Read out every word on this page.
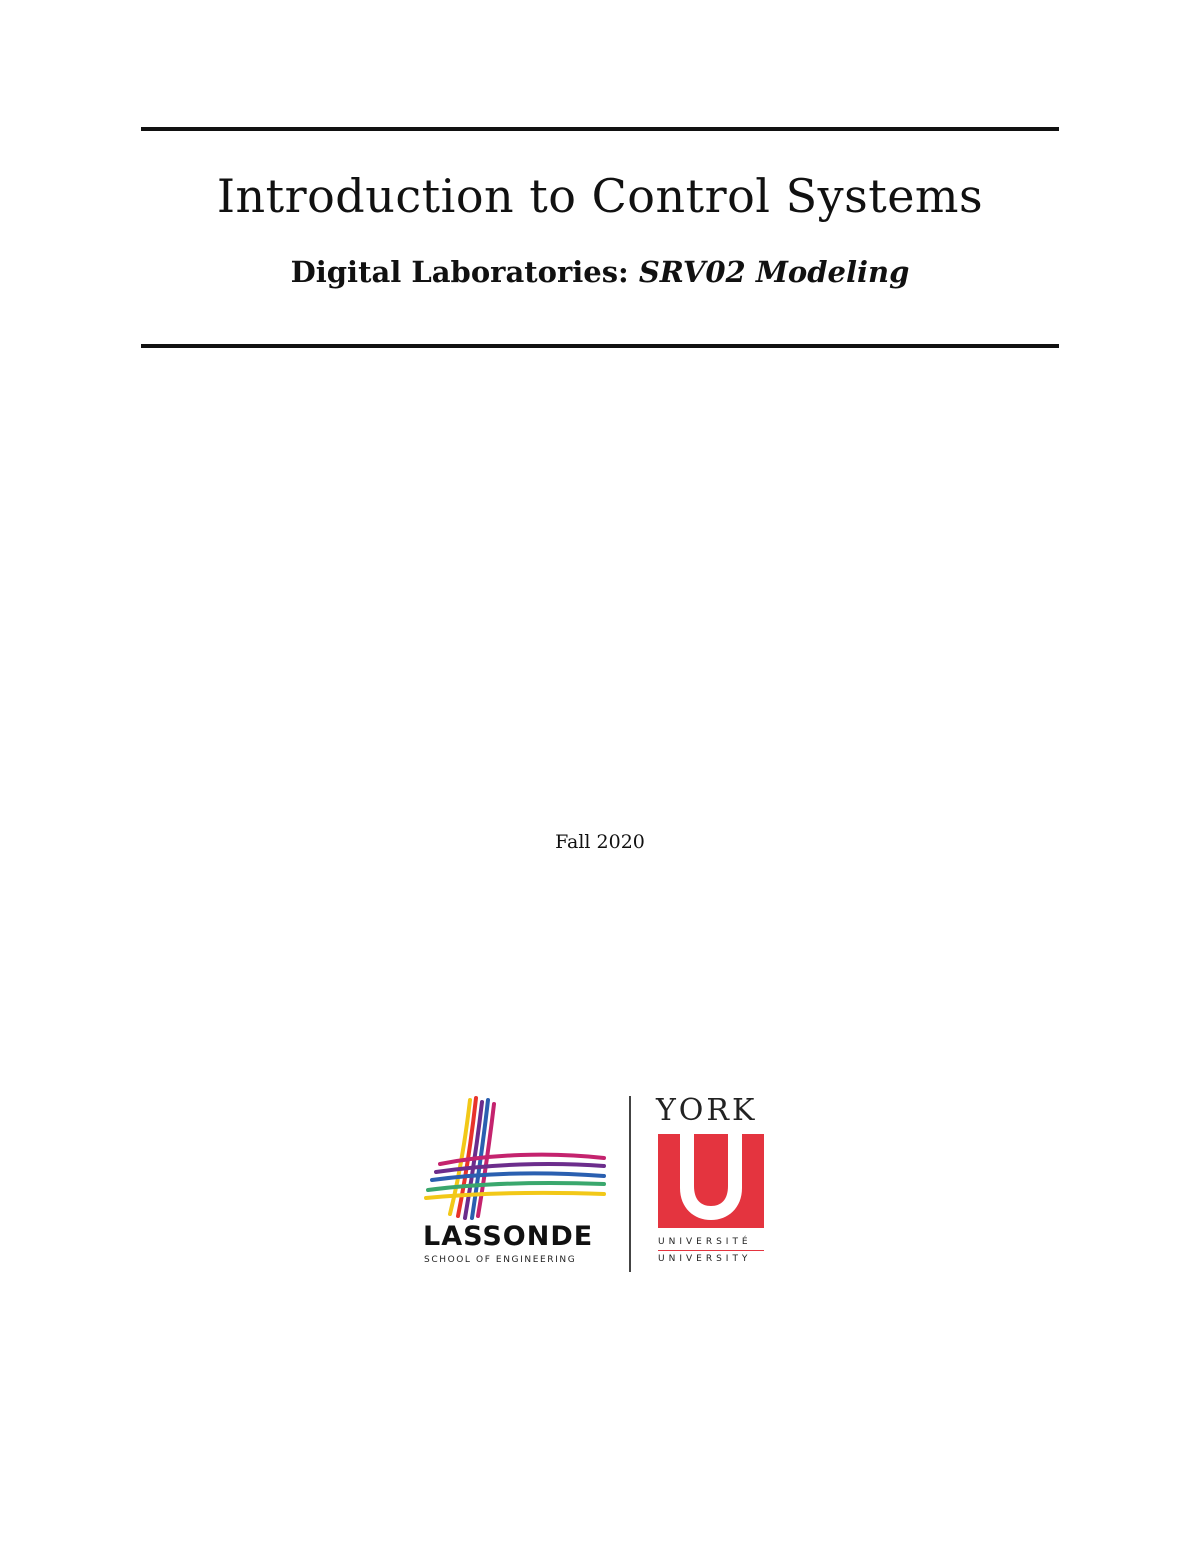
Introduction to Control Systems
Digital Laboratories: SRV02 Modeling
Fall 2020
LASSONDE
SCHOOL OF ENGINEERING
YORK
UNIVERSITÉ
UNIVERSITY
